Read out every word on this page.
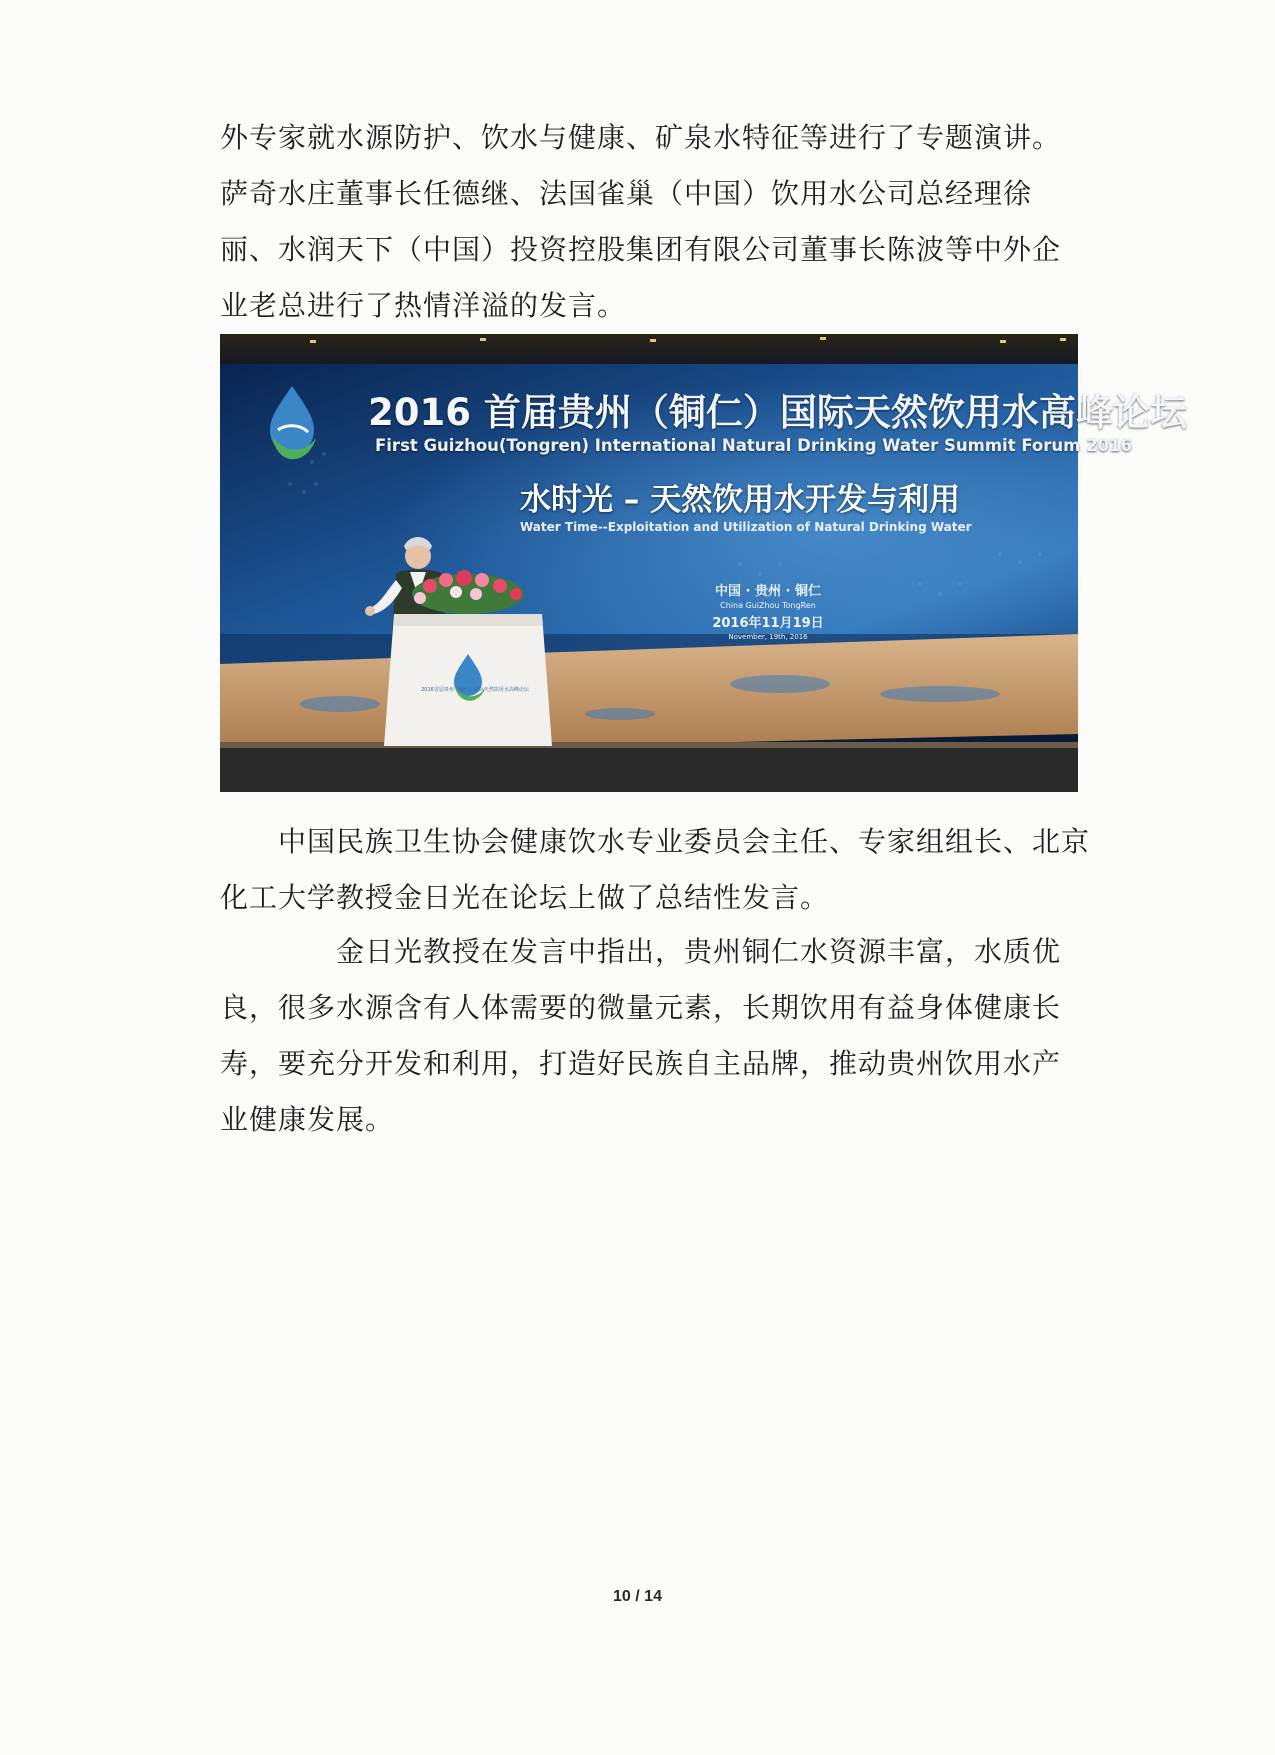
外专家就水源防护、饮水与健康、矿泉水特征等进行了专题演讲。
萨奇水庄董事长任德继、法国雀巢（中国）饮用水公司总经理徐
丽、水润天下（中国）投资控股集团有限公司董事长陈波等中外企
业老总进行了热情洋溢的发言。

2016 首届贵州（铜仁）国际天然饮用水高峰论坛
First Guizhou(Tongren) International Natural Drinking Water Summit Forum 2016
水时光 – 天然饮用水开发与利用
Water Time--Exploitation and Utilization of Natural Drinking Water
中国 · 贵州 · 铜仁
China GuiZhou TongRen
2016年11月19日
November, 19th, 2016
2016首届贵州（铜仁）国际天然饮用水高峰论坛

　　中国民族卫生协会健康饮水专业委员会主任、专家组组长、北京
化工大学教授金日光在论坛上做了总结性发言。

　　　　金日光教授在发言中指出，贵州铜仁水资源丰富，水质优
良，很多水源含有人体需要的微量元素，长期饮用有益身体健康长
寿，要充分开发和利用，打造好民族自主品牌，推动贵州饮用水产
业健康发展。

10 / 14
